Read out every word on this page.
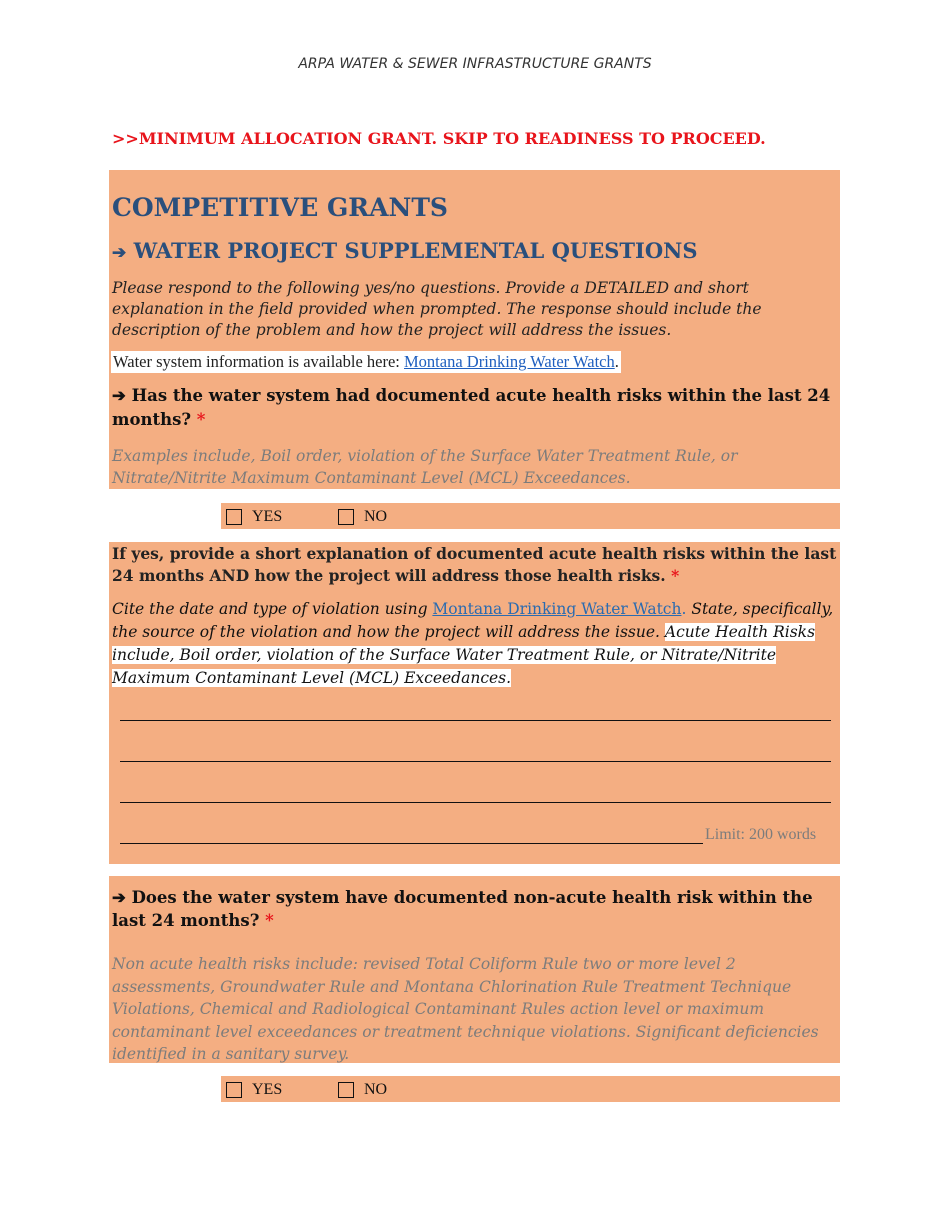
ARPA WATER & SEWER INFRASTRUCTURE GRANTS
>>MINIMUM ALLOCATION GRANT. SKIP TO READINESS TO PROCEED.
COMPETITIVE GRANTS
➔ WATER PROJECT SUPPLEMENTAL QUESTIONS
Please respond to the following yes/no questions. Provide a DETAILED and short explanation in the field provided when prompted. The response should include the description of the problem and how the project will address the issues.
Water system information is available here: Montana Drinking Water Watch.
➔ Has the water system had documented acute health risks within the last 24 months? *
Examples include, Boil order, violation of the Surface Water Treatment Rule, or Nitrate/Nitrite Maximum Contaminant Level (MCL) Exceedances.
YES	NO
If yes, provide a short explanation of documented acute health risks within the last 24 months AND how the project will address those health risks. *
Cite the date and type of violation using Montana Drinking Water Watch. State, specifically, the source of the violation and how the project will address the issue. Acute Health Risks include, Boil order, violation of the Surface Water Treatment Rule, or Nitrate/Nitrite Maximum Contaminant Level (MCL) Exceedances.
Limit: 200 words
➔ Does the water system have documented non-acute health risk within the last 24 months? *
Non acute health risks include: revised Total Coliform Rule two or more level 2 assessments, Groundwater Rule and Montana Chlorination Rule Treatment Technique Violations, Chemical and Radiological Contaminant Rules action level or maximum contaminant level exceedances or treatment technique violations. Significant deficiencies identified in a sanitary survey.
YES	NO
